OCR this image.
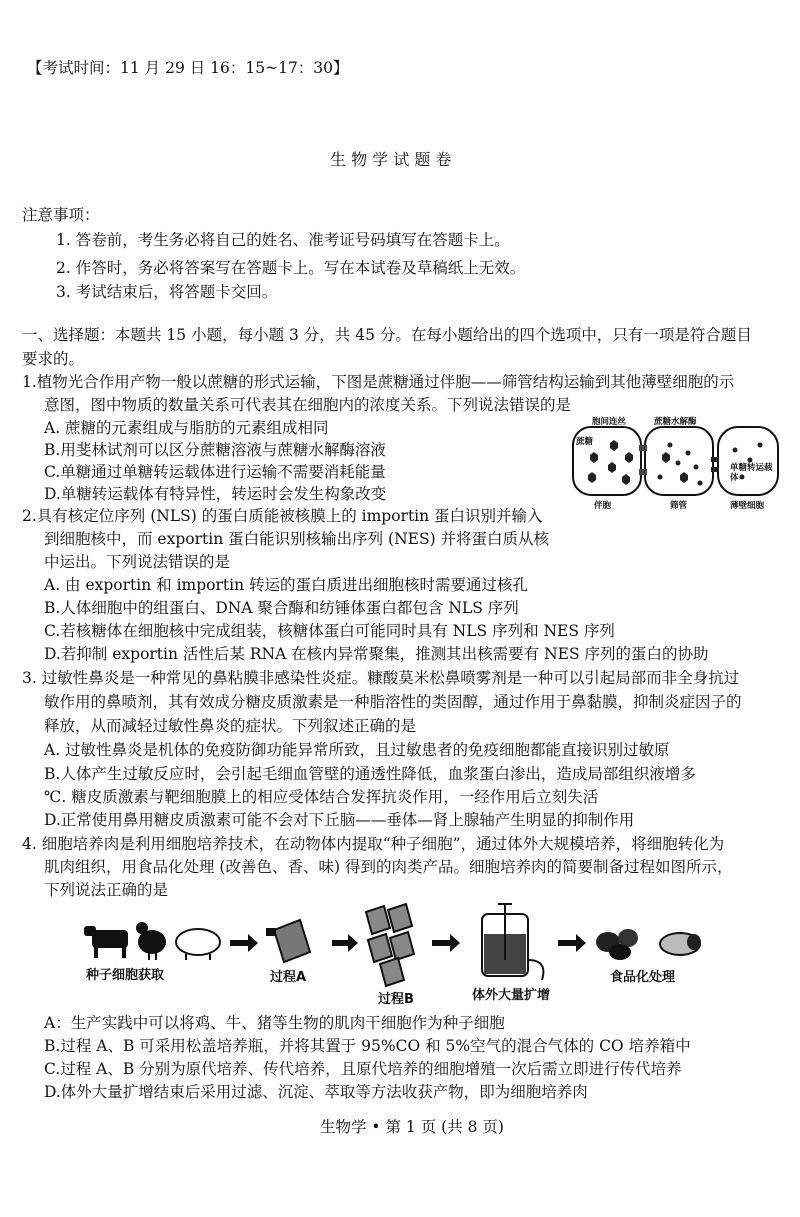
【考试时间：11 月 29 日 16：15~17：30】
生 物 学 试 题 卷
注意事项：
1. 答卷前，考生务必将自己的姓名、准考证号码填写在答题卡上。
2. 作答时，务必将答案写在答题卡上。写在本试卷及草稿纸上无效。
3. 考试结束后，将答题卡交回。
一、选择题：本题共 15 小题，每小题 3 分，共 45 分。在每小题给出的四个选项中，只有一项是符合题目
要求的。
1.植物光合作用产物一般以蔗糖的形式运输，下图是蔗糖通过伴胞——筛管结构运输到其他薄壁细胞的示
意图，图中物质的数量关系可代表其在细胞内的浓度关系。下列说法错误的是
A. 蔗糖的元素组成与脂肪的元素组成相同
B.用斐林试剂可以区分蔗糖溶液与蔗糖水解酶溶液
C.单糖通过单糖转运载体进行运输不需要消耗能量
D.单糖转运载体有特异性，转运时会发生构象改变
胞间连丝	蔗糖水解酶
蔗糖
单糖转运载体
伴胞	筛管	薄壁细胞
2.具有核定位序列 (NLS) 的蛋白质能被核膜上的 importin 蛋白识别并输入
到细胞核中，而 exportin 蛋白能识别核输出序列 (NES) 并将蛋白质从核
中运出。下列说法错误的是
A. 由 exportin 和 importin 转运的蛋白质进出细胞核时需要通过核孔
B.人体细胞中的组蛋白、DNA 聚合酶和纺锤体蛋白都包含 NLS 序列
C.若核糖体在细胞核中完成组装，核糖体蛋白可能同时具有 NLS 序列和 NES 序列
D.若抑制 exportin 活性后某 RNA 在核内异常聚集，推测其出核需要有 NES 序列的蛋白的协助
3. 过敏性鼻炎是一种常见的鼻粘膜非感染性炎症。糠酸莫米松鼻喷雾剂是一种可以引起局部而非全身抗过
敏作用的鼻喷剂，其有效成分糖皮质激素是一种脂溶性的类固醇，通过作用于鼻黏膜，抑制炎症因子的
释放，从而减轻过敏性鼻炎的症状。下列叙述正确的是
A. 过敏性鼻炎是机体的免疫防御功能异常所致，且过敏患者的免疫细胞都能直接识别过敏原
B.人体产生过敏反应时，会引起毛细血管壁的通透性降低，血浆蛋白渗出，造成局部组织液增多
℃. 糖皮质激素与靶细胞膜上的相应受体结合发挥抗炎作用，一经作用后立刻失活
D.正常使用鼻用糖皮质激素可能不会对下丘脑——垂体—肾上腺轴产生明显的抑制作用
4. 细胞培养肉是利用细胞培养技术，在动物体内提取“种子细胞”，通过体外大规模培养，将细胞转化为
肌肉组织，用食品化处理 (改善色、香、味) 得到的肉类产品。细胞培养肉的简要制备过程如图所示，
下列说法正确的是
种子细胞获取	过程A
过程B	体外大量扩增
食品化处理
A：生产实践中可以将鸡、牛、猪等生物的肌肉干细胞作为种子细胞
B.过程 A、B 可采用松盖培养瓶，并将其置于 95%CO 和 5%空气的混合气体的 CO 培养箱中
C.过程 A、B 分别为原代培养、传代培养，且原代培养的细胞增殖一次后需立即进行传代培养
D.体外大量扩增结束后采用过滤、沉淀、萃取等方法收获产物，即为细胞培养肉
生物学 • 第 1 页 (共 8 页)
